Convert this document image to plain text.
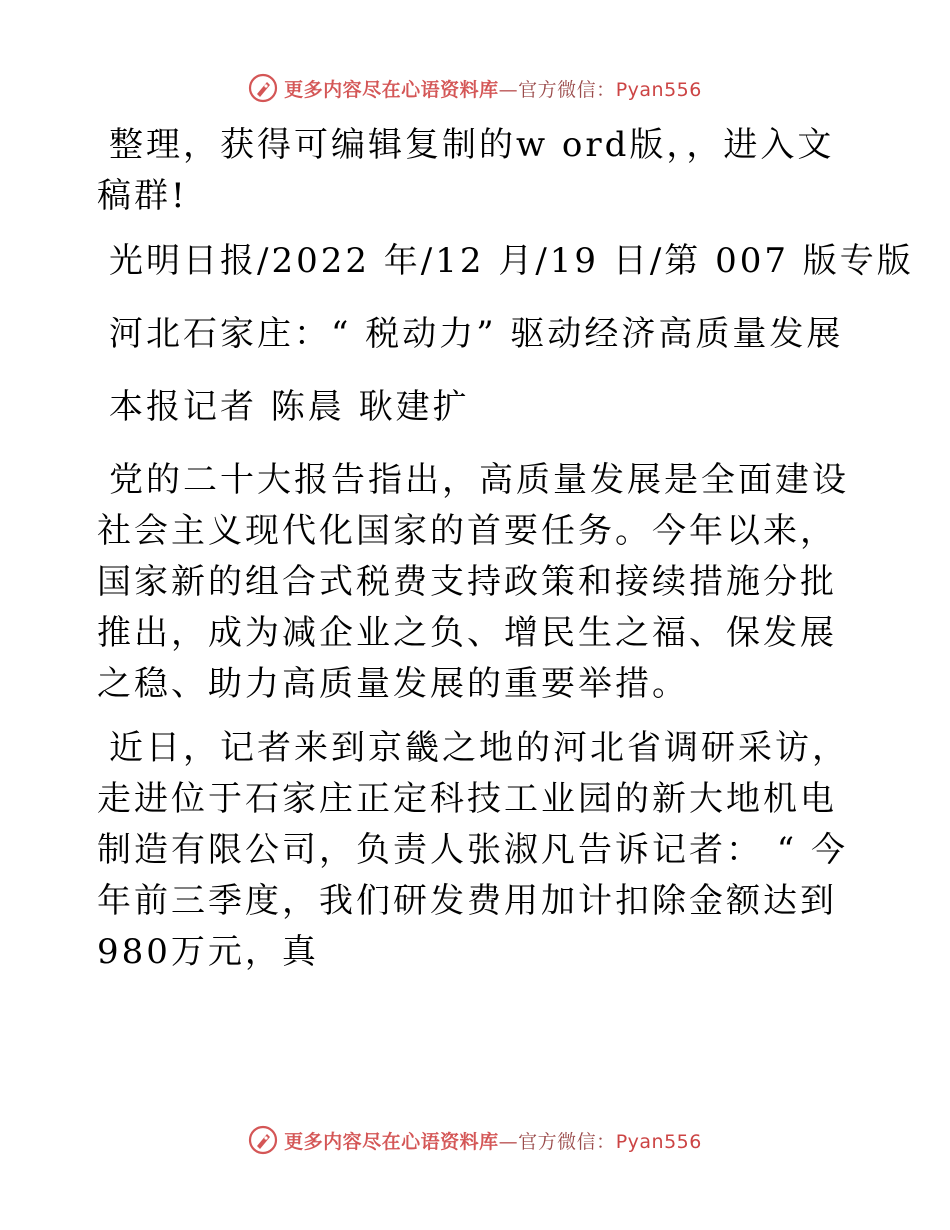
更多内容尽在心语资料库—官方微信：Pyan556

整理，获得可编辑复制的w ord版，，进入文稿群!

光明日报/2022 年/12 月/19 日/第 007 版专版

河北石家庄：“ 税动力” 驱动经济高质量发展

本报记者 陈晨 耿建扩

党的二十大报告指出，高质量发展是全面建设社会主义现代化国家的首要任务。今年以来，国家新的组合式税费支持政策和接续措施分批推出，成为减企业之负、增民生之福、保发展之稳、助力高质量发展的重要举措。

近日，记者来到京畿之地的河北省调研采访，走进位于石家庄正定科技工业园的新大地机电制造有限公司，负责人张淑凡告诉记者： “ 今年前三季度，我们研发费用加计扣除金额达到 980万元，真

更多内容尽在心语资料库—官方微信：Pyan556
